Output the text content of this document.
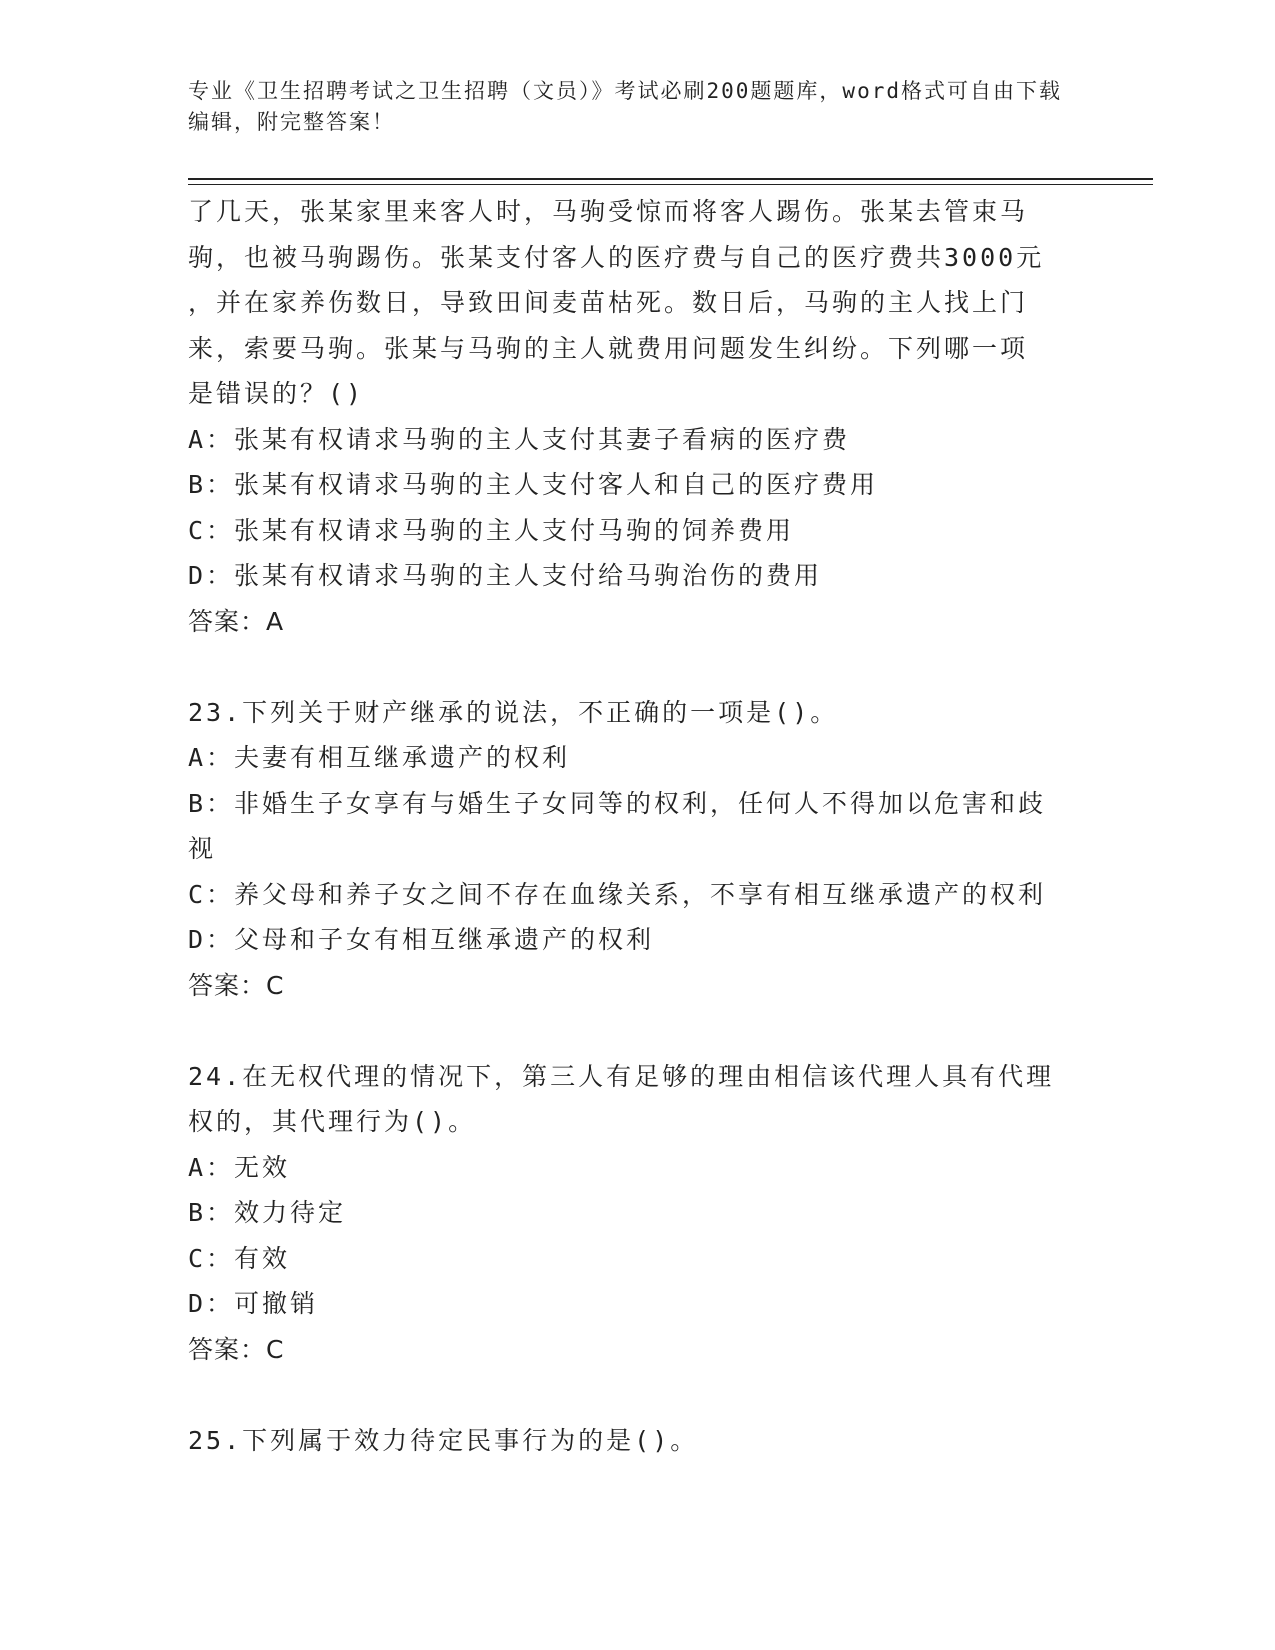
专业《卫生招聘考试之卫生招聘（文员）》考试必刷200题题库，word格式可自由下载编辑，附完整答案！

了几天，张某家里来客人时，马驹受惊而将客人踢伤。张某去管束马

驹，也被马驹踢伤。张某支付客人的医疗费与自己的医疗费共3000元

，并在家养伤数日，导致田间麦苗枯死。数日后，马驹的主人找上门

来，索要马驹。张某与马驹的主人就费用问题发生纠纷。下列哪一项

是错误的？()

A：张某有权请求马驹的主人支付其妻子看病的医疗费

B：张某有权请求马驹的主人支付客人和自己的医疗费用

C：张某有权请求马驹的主人支付马驹的饲养费用

D：张某有权请求马驹的主人支付给马驹治伤的费用

答案：A

23.下列关于财产继承的说法，不正确的一项是()。

A：夫妻有相互继承遗产的权利

B：非婚生子女享有与婚生子女同等的权利，任何人不得加以危害和歧

视

C：养父母和养子女之间不存在血缘关系，不享有相互继承遗产的权利

D：父母和子女有相互继承遗产的权利

答案：C

24.在无权代理的情况下，第三人有足够的理由相信该代理人具有代理

权的，其代理行为()。

A：无效

B：效力待定

C：有效

D：可撤销

答案：C

25.下列属于效力待定民事行为的是()。
